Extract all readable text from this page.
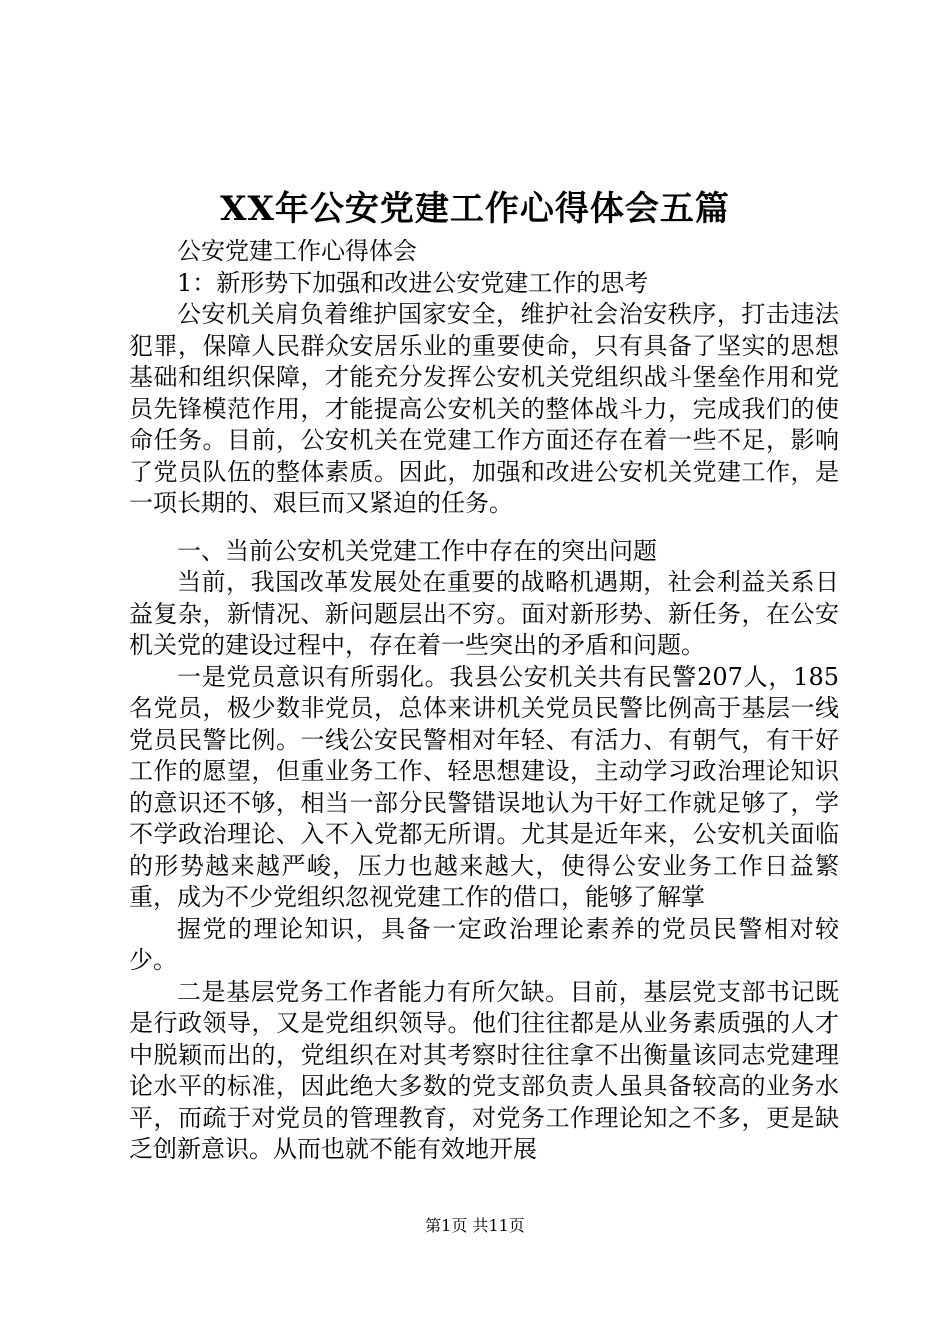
XX年公安党建工作心得体会五篇

公安党建工作心得体会

1：新形势下加强和改进公安党建工作的思考

公安机关肩负着维护国家安全，维护社会治安秩序，打击违法犯罪，保障人民群众安居乐业的重要使命，只有具备了坚实的思想基础和组织保障，才能充分发挥公安机关党组织战斗堡垒作用和党员先锋模范作用，才能提高公安机关的整体战斗力，完成我们的使命任务。目前，公安机关在党建工作方面还存在着一些不足，影响了党员队伍的整体素质。因此，加强和改进公安机关党建工作，是一项长期的、艰巨而又紧迫的任务。

一、当前公安机关党建工作中存在的突出问题

当前，我国改革发展处在重要的战略机遇期，社会利益关系日益复杂，新情况、新问题层出不穷。面对新形势、新任务，在公安机关党的建设过程中，存在着一些突出的矛盾和问题。

一是党员意识有所弱化。我县公安机关共有民警207人，185名党员，极少数非党员，总体来讲机关党员民警比例高于基层一线党员民警比例。一线公安民警相对年轻、有活力、有朝气，有干好工作的愿望，但重业务工作、轻思想建设，主动学习政治理论知识的意识还不够，相当一部分民警错误地认为干好工作就足够了，学不学政治理论、入不入党都无所谓。尤其是近年来，公安机关面临的形势越来越严峻，压力也越来越大，使得公安业务工作日益繁重，成为不少党组织忽视党建工作的借口，能够了解掌

握党的理论知识，具备一定政治理论素养的党员民警相对较少。

二是基层党务工作者能力有所欠缺。目前，基层党支部书记既是行政领导，又是党组织领导。他们往往都是从业务素质强的人才中脱颖而出的，党组织在对其考察时往往拿不出衡量该同志党建理论水平的标准，因此绝大多数的党支部负责人虽具备较高的业务水平，而疏于对党员的管理教育，对党务工作理论知之不多，更是缺乏创新意识。从而也就不能有效地开展

第1页 共11页
